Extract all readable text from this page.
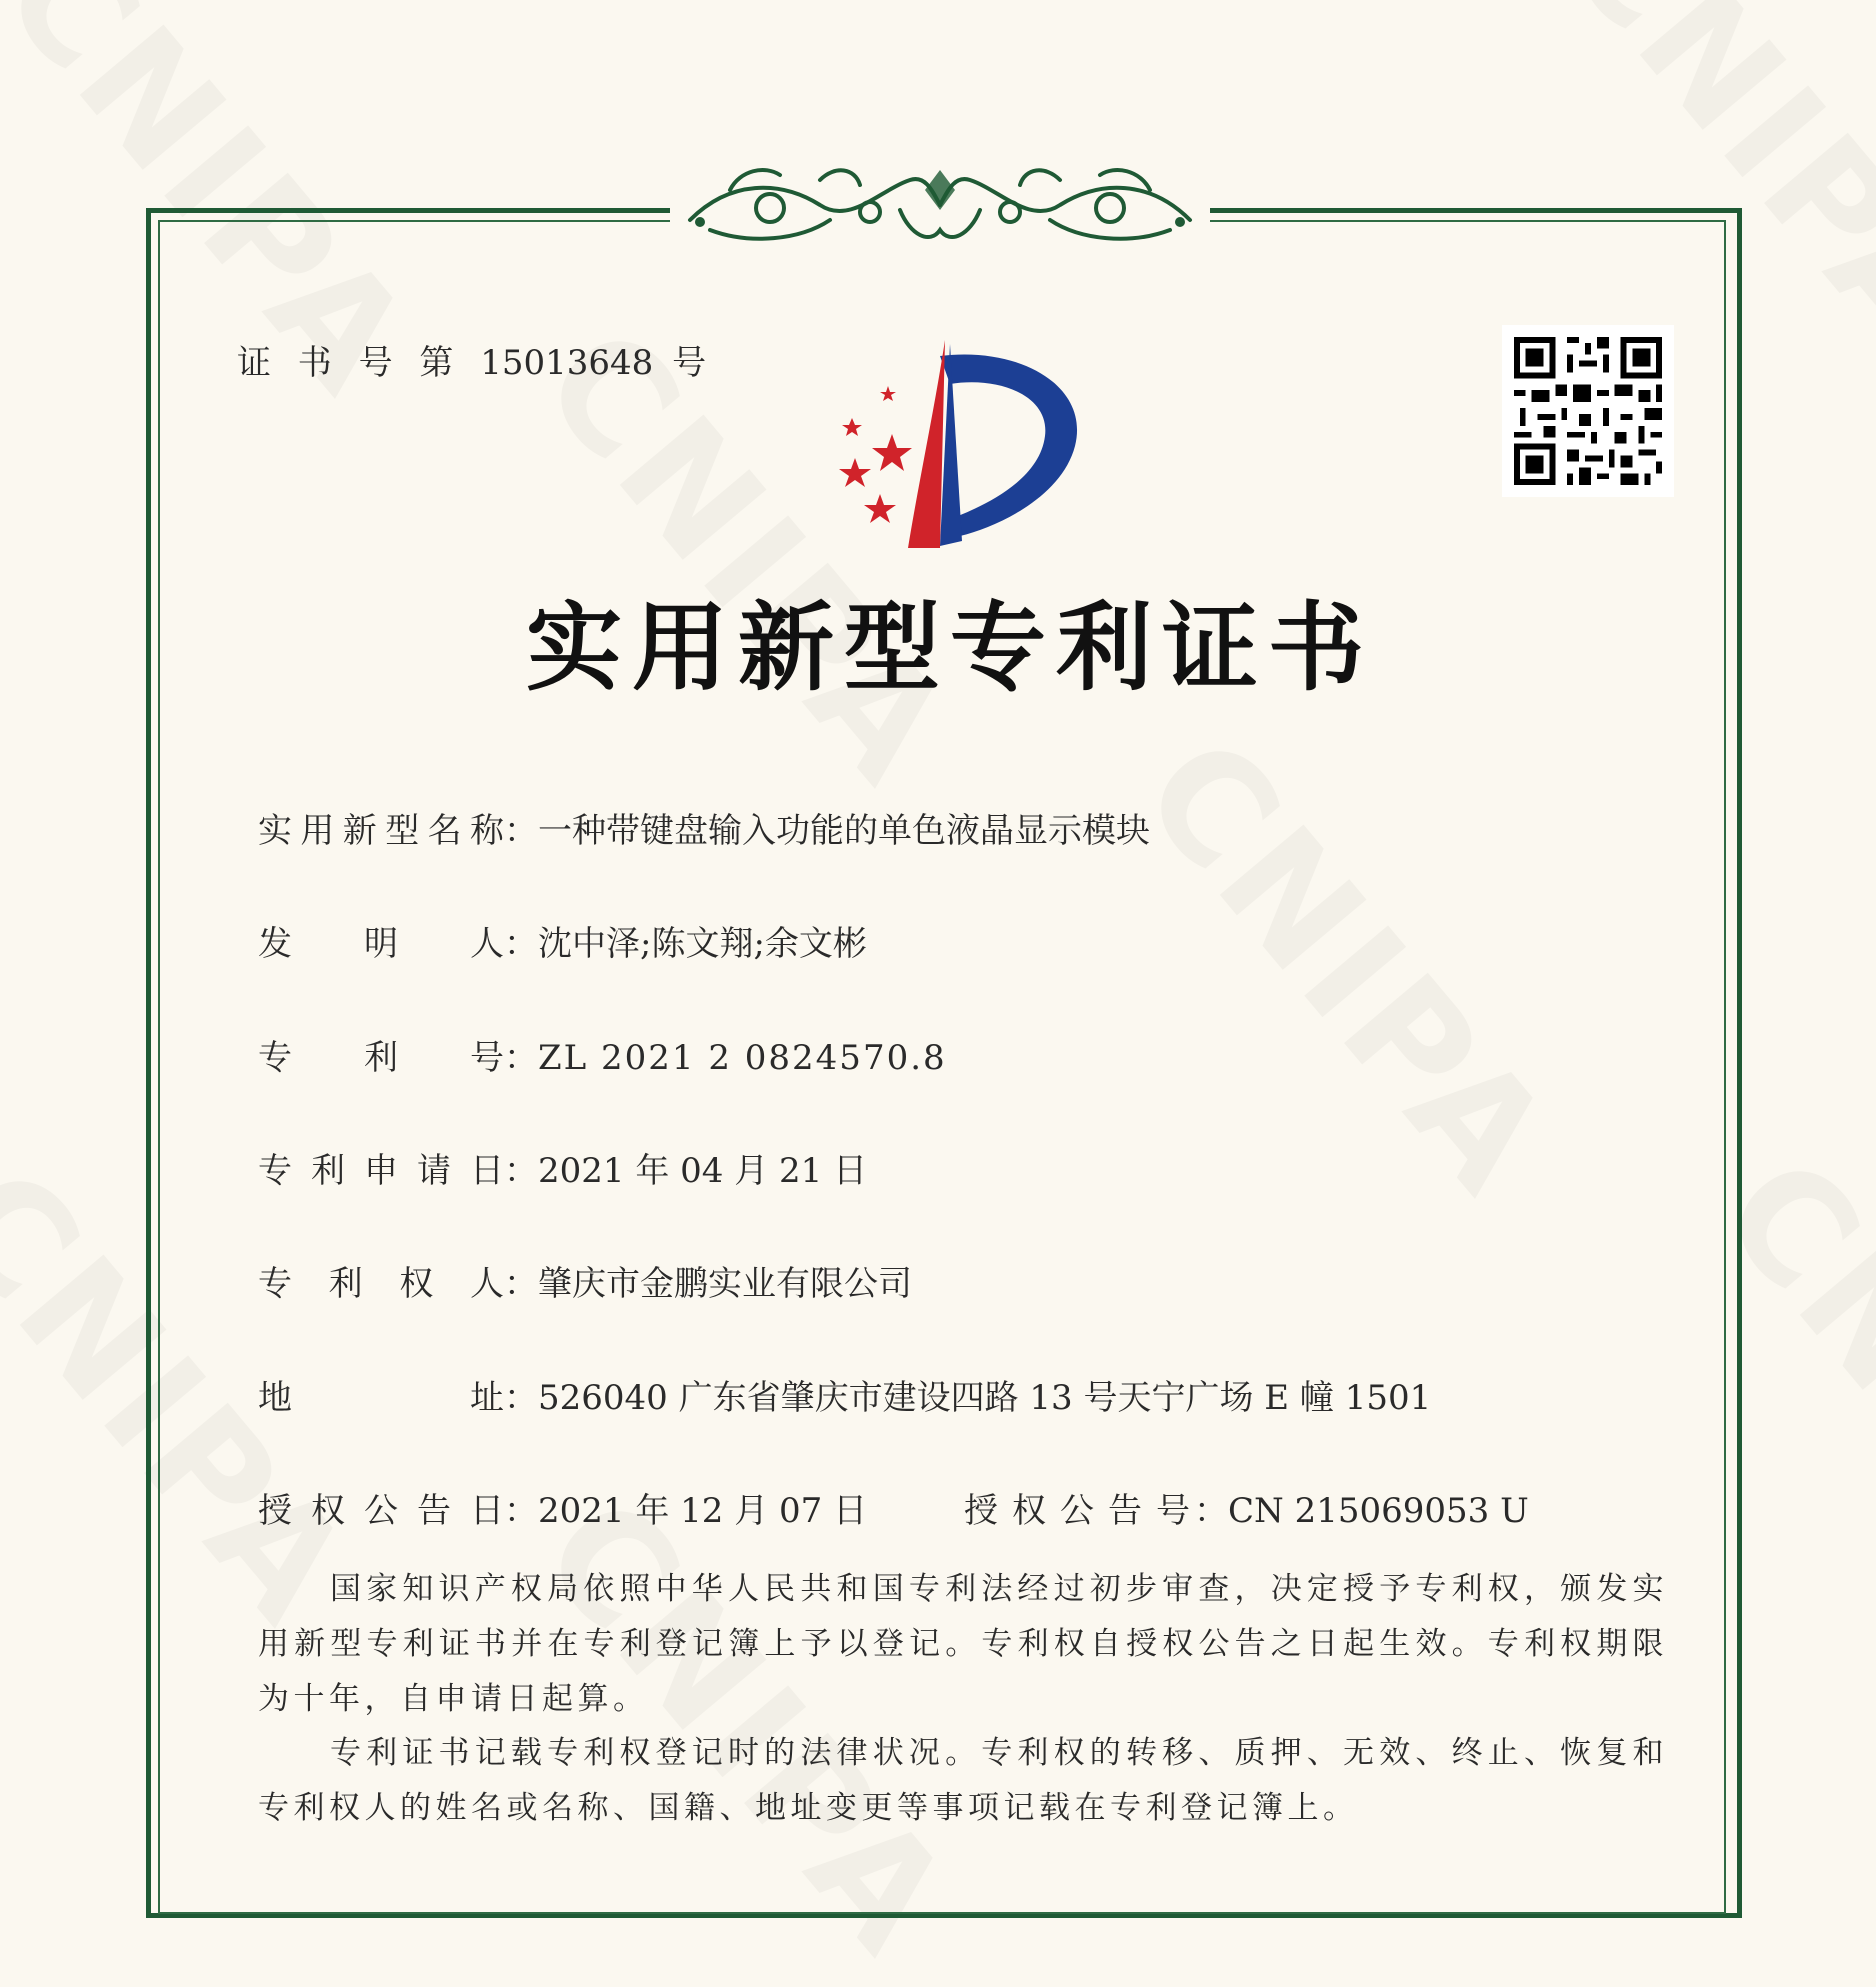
证 书 号 第 15013648 号
实用新型专利证书
实用新型名称：一种带键盘输入功能的单色液晶显示模块
发明人：沈中泽;陈文翔;余文彬
专利号：ZL 2021 2 0824570.8
专利申请日：2021 年 04 月 21 日
专利权人：肇庆市金鹏实业有限公司
地址：526040 广东省肇庆市建设四路 13 号天宁广场 E 幢 1501
授权公告日：2021 年 12 月 07 日	授权公告号：CN 215069053 U
国家知识产权局依照中华人民共和国专利法经过初步审查，决定授予专利权，颁发实用新型专利证书并在专利登记簿上予以登记。专利权自授权公告之日起生效。专利权期限为十年，自申请日起算。
专利证书记载专利权登记时的法律状况。专利权的转移、质押、无效、终止、恢复和专利权人的姓名或名称、国籍、地址变更等事项记载在专利登记簿上。
